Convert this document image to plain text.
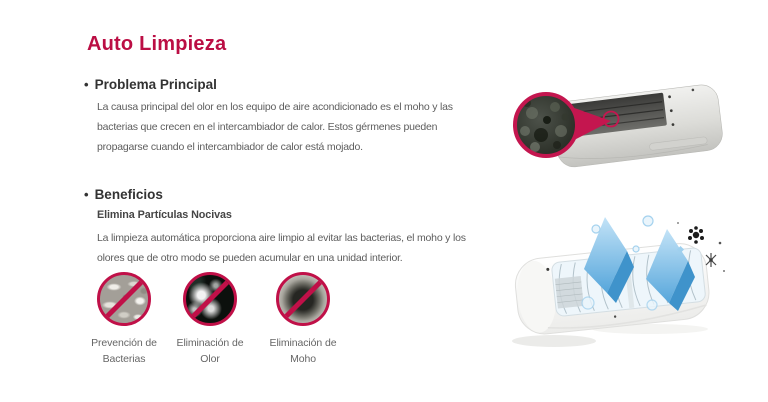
Auto Limpieza
• Problema Principal
La causa principal del olor en los equipo de aire acondicionado es el moho y las bacterias que crecen en el intercambiador de calor. Estos gérmenes pueden propagarse cuando el intercambiador de calor está mojado.
• Beneficios
Elimina Partículas Nocivas
La limpieza automática proporciona aire limpio al evitar las bacterias, el moho y los olores que de otro modo se pueden acumular en una unidad interior.
Prevención de
Bacterias
Eliminación de
Olor
Eliminación de
Moho
